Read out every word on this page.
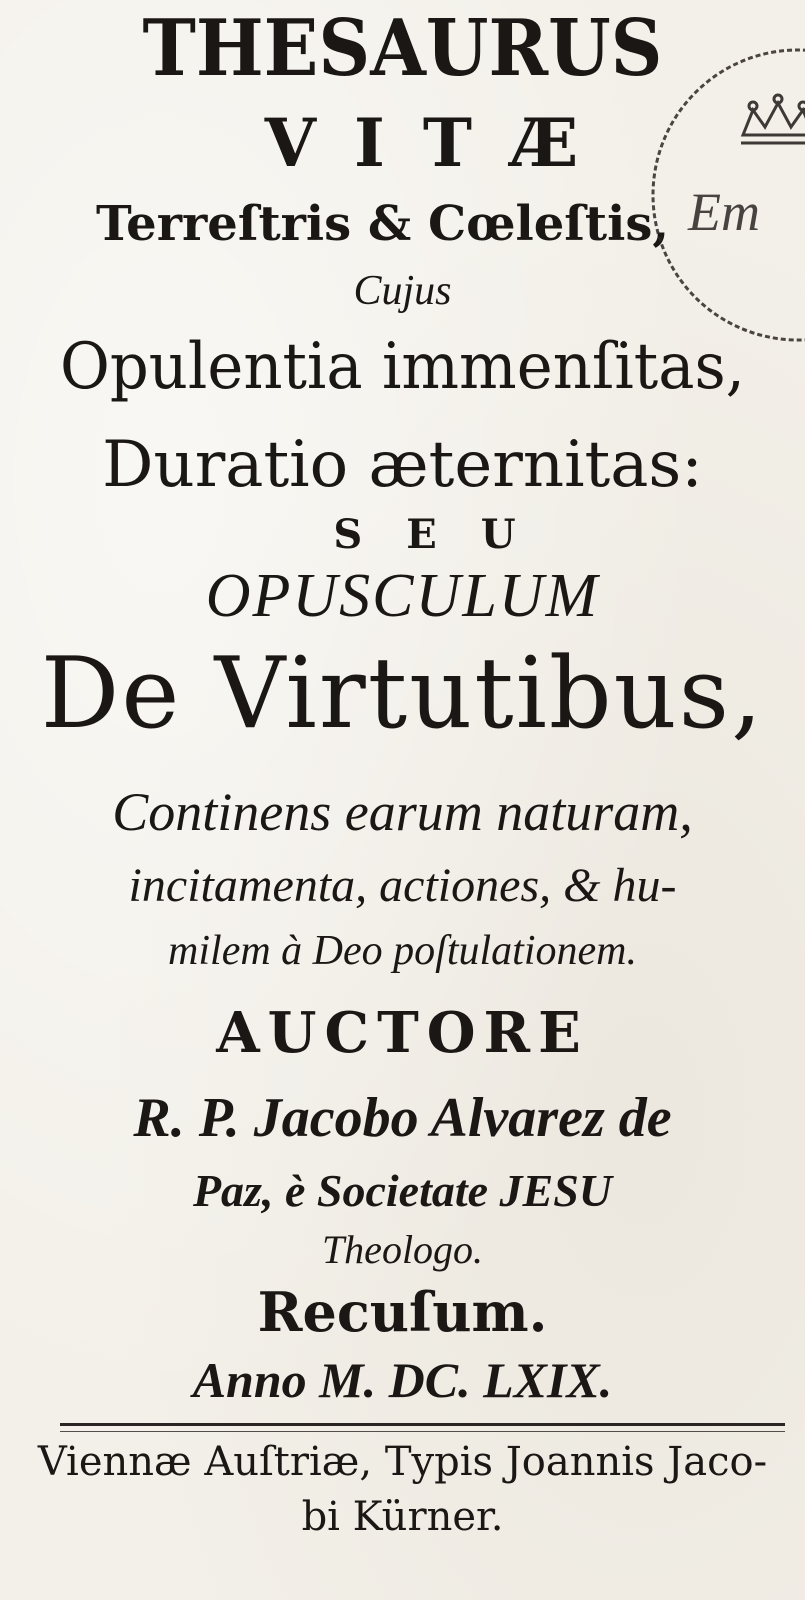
THESAURUS
VITÆ
Terreſtris & Cœleſtis,
Cujus
Opulentia immenſitas,
Duratio æternitas:
SEU
OPUSCULUM
De Virtutibus,
Continens earum naturam,
incitamenta, actiones, & hu-
milem à Deo poſtulationem.
AUCTORE
R. P. Jacobo Alvarez de
Paz, è Societate JESU
Theologo.
Recuſum.
Anno M. DC. LXIX.
Viennæ Auſtriæ, Typis Joannis Jaco-
bi Kürner.
Em
